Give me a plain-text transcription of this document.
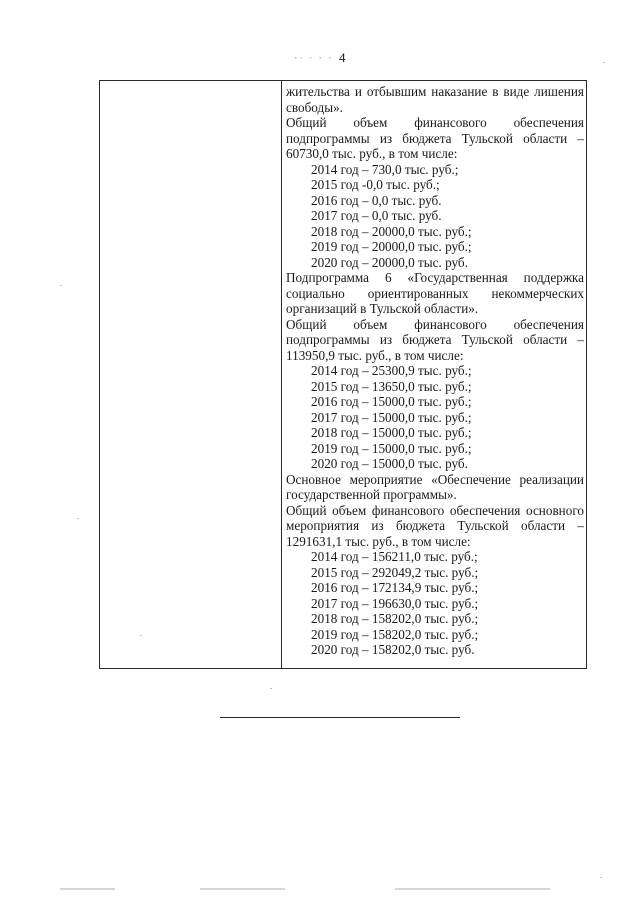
·· · · · 4

жительства и отбывшим наказание в виде лишения свободы».

Общий объем финансового обеспечения подпрограммы из бюджета Тульской области – 60730,0 тыс. руб., в том числе:

2014 год – 730,0 тыс. руб.;

2015 год -0,0 тыс. руб.;

2016 год – 0,0 тыс. руб.

2017 год – 0,0 тыс. руб.

2018 год – 20000,0 тыс. руб.;

2019 год – 20000,0 тыс. руб.;

2020 год – 20000,0 тыс. руб.

Подпрограмма 6 «Государственная поддержка социально ориентированных некоммерческих организаций в Тульской области».

Общий объем финансового обеспечения подпрограммы из бюджета Тульской области – 113950,9 тыс. руб., в том числе:

2014 год – 25300,9 тыс. руб.;

2015 год – 13650,0 тыс. руб.;

2016 год – 15000,0 тыс. руб.;

2017 год – 15000,0 тыс. руб.;

2018 год – 15000,0 тыс. руб.;

2019 год – 15000,0 тыс. руб.;

2020 год – 15000,0 тыс. руб.

Основное мероприятие «Обеспечение реализации государственной программы».

Общий объем финансового обеспечения основного мероприятия из бюджета Тульской области – 1291631,1 тыс. руб., в том числе:

2014 год – 156211,0 тыс. руб.;

2015 год – 292049,2 тыс. руб.;

2016 год – 172134,9 тыс. руб.;

2017 год – 196630,0 тыс. руб.;

2018 год – 158202,0 тыс. руб.;

2019 год – 158202,0 тыс. руб.;

2020 год – 158202,0 тыс. руб.
